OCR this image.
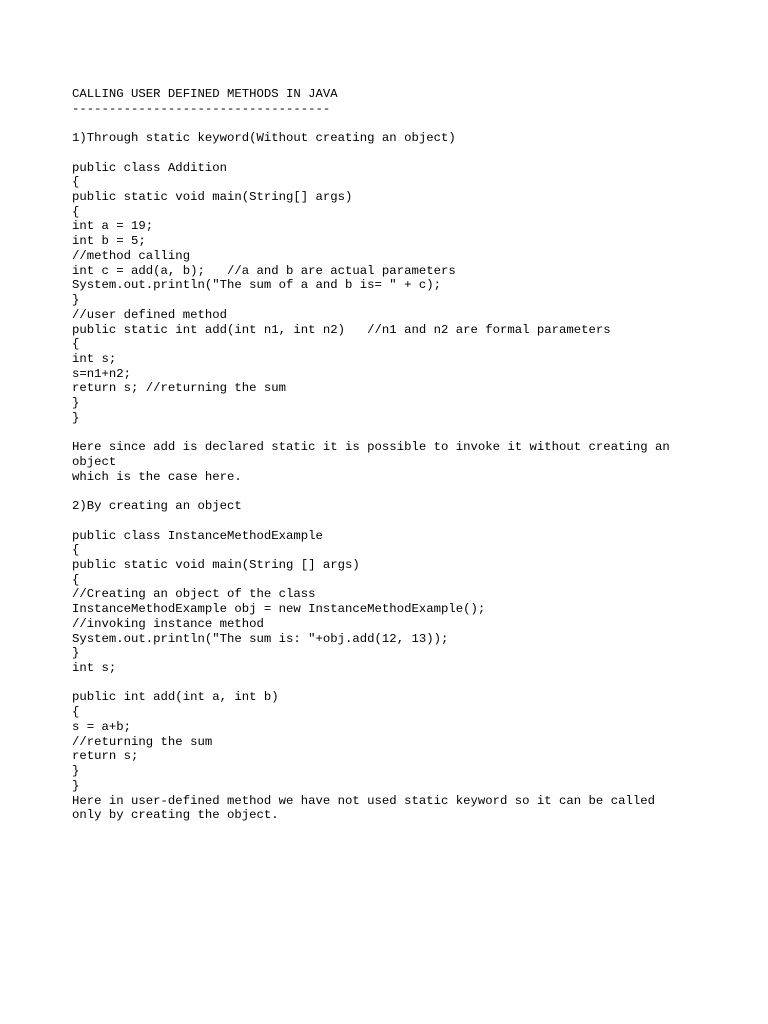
CALLING USER DEFINED METHODS IN JAVA
-----------------------------------
1)Through static keyword(Without creating an object)
public class Addition
{
public static void main(String[] args)
{
int a = 19;
int b = 5;
//method calling
int c = add(a, b);   //a and b are actual parameters
System.out.println("The sum of a and b is= " + c);
}
//user defined method
public static int add(int n1, int n2)   //n1 and n2 are formal parameters
{
int s;
s=n1+n2;
return s; //returning the sum
}
}
Here since add is declared static it is possible to invoke it without creating an
object
which is the case here.
2)By creating an object
public class InstanceMethodExample
{
public static void main(String [] args)
{
//Creating an object of the class
InstanceMethodExample obj = new InstanceMethodExample();
//invoking instance method
System.out.println("The sum is: "+obj.add(12, 13));
}
int s;
public int add(int a, int b)
{
s = a+b;
//returning the sum
return s;
}
}
Here in user-defined method we have not used static keyword so it can be called
only by creating the object.
